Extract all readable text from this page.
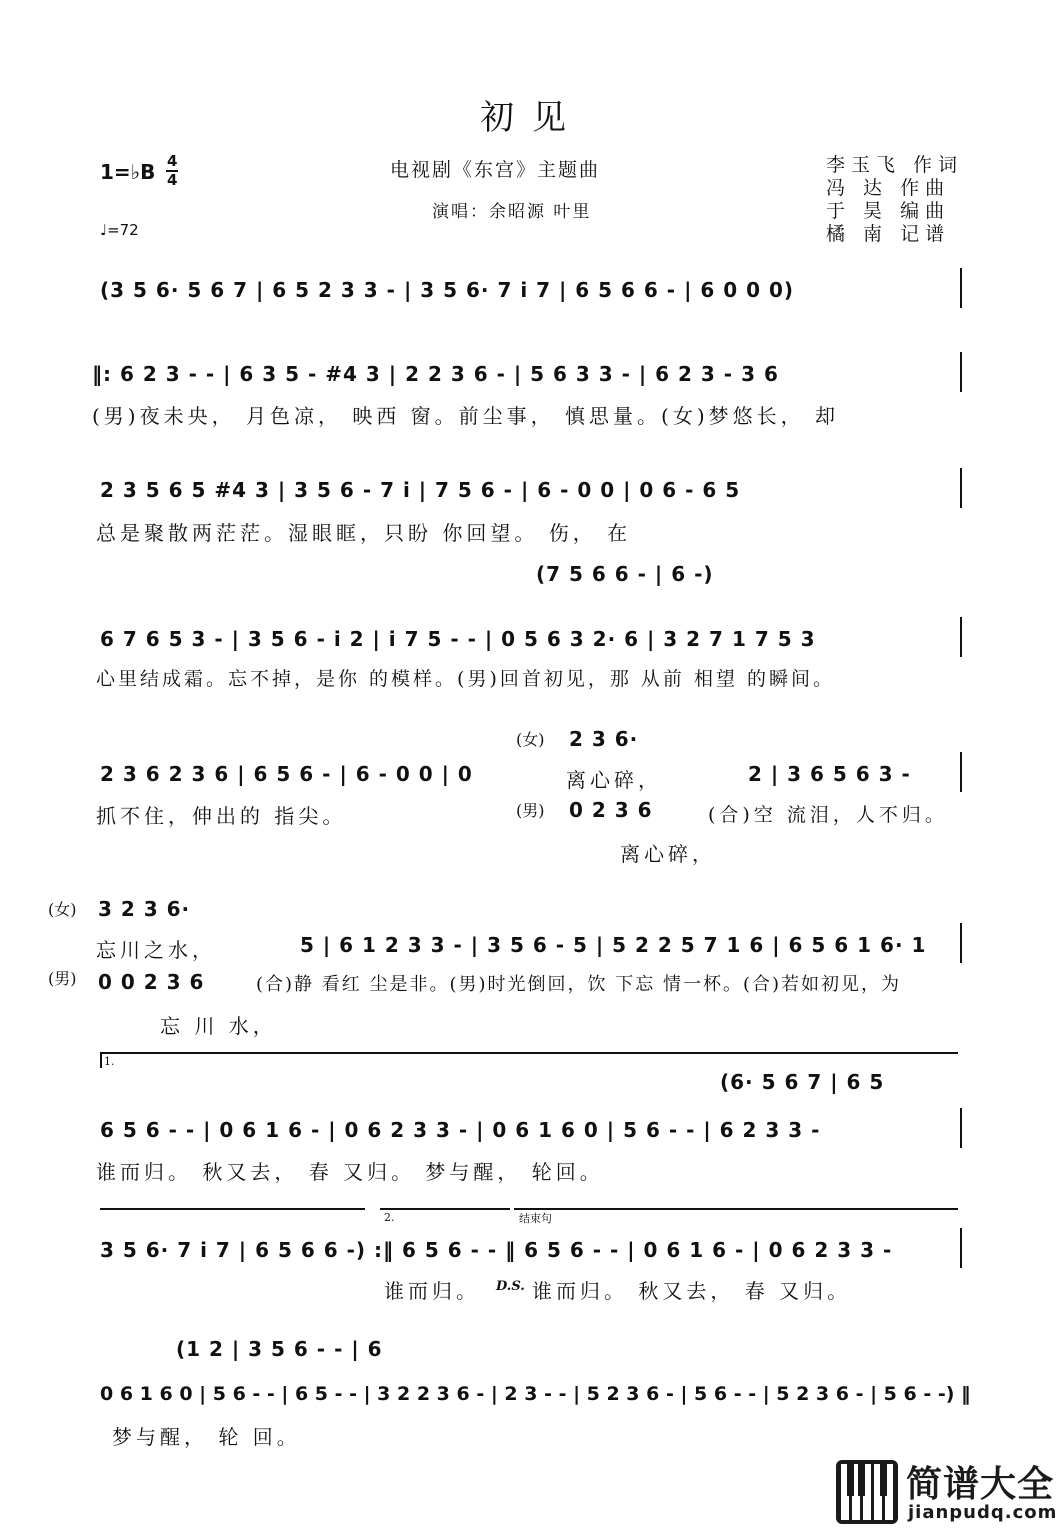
初见
电视剧《东宫》主题曲
演唱：余昭源 叶里
1=♭B 4
4
♩=72
李玉飞 作词
冯 达 作曲
于 昊 编曲
橘 南 记谱
(3 5 6· 5 6 7 | 6 5 2 3 3 - | 3 5 6· 7 i 7 | 6 5 6 6 - | 6 0 0 0)
‖: 6 2 3 - - | 6 3 5 - #4 3 | 2 2 3 6 - | 5 6 3 3 - | 6 2 3 - 3 6
(男)夜未央， 月色凉， 映西 窗。前尘事， 慎思量。(女)梦悠长， 却
2 3 5 6 5 #4 3 | 3 5 6 - 7 i | 7 5 6 - | 6 - 0 0 | 0 6 - 6 5
总是聚散两茫茫。湿眼眶，只盼 你回望。 伤， 在
(7 5 6 6 - | 6 -)
6 7 6 5 3 - | 3 5 6 - i 2 | i 7 5 - - | 0 5 6 3 2· 6 | 3 2 7 1 7 5 3
心里结成霜。忘不掉，是你 的模样。(男)回首初见，那 从前 相望 的瞬间。
2 3 6 2 3 6 | 6 5 6 - | 6 - 0 0 | 0
抓不住，伸出的 指尖。
(女)
(男)
2 3 6·
离心碎，
0 2 3 6
离心碎，
2 | 3 6 5 6 3 -
(合)空 流泪，人不归。
(女)
(男)
3 2 3 6·
忘川之水，
0 0 2 3 6
忘 川 水，
5 | 6 1 2 3 3 - | 3 5 6 - 5 | 5 2 2 5 7 1 6 | 6 5 6 1 6· 1
(合)静 看红 尘是非。(男)时光倒回，饮 下忘 情一杯。(合)若如初见，为
1.
(6· 5 6 7 | 6 5
6 5 6 - - | 0 6 1 6 - | 0 6 2 3 3 - | 0 6 1 6 0 | 5 6 - - | 6 2 3 3 -
谁而归。 秋又去， 春 又归。 梦与醒， 轮回。
2.	结束句
3 5 6· 7 i 7 | 6 5 6 6 -) :‖ 6 5 6 - - ‖ 6 5 6 - - | 0 6 1 6 - | 0 6 2 3 3 -
谁而归。 D.S. 谁而归。 秋又去， 春 又归。
(1 2 | 3 5 6 - - | 6
0 6 1 6 0 | 5 6 - - | 6 5 - - | 3 2 2 3 6 - | 2 3 - - | 5 2 3 6 - | 5 6 - - | 5 2 3 6 - | 5 6 - -) ‖
梦与醒， 轮 回。
简谱大全
jianpudq.com
